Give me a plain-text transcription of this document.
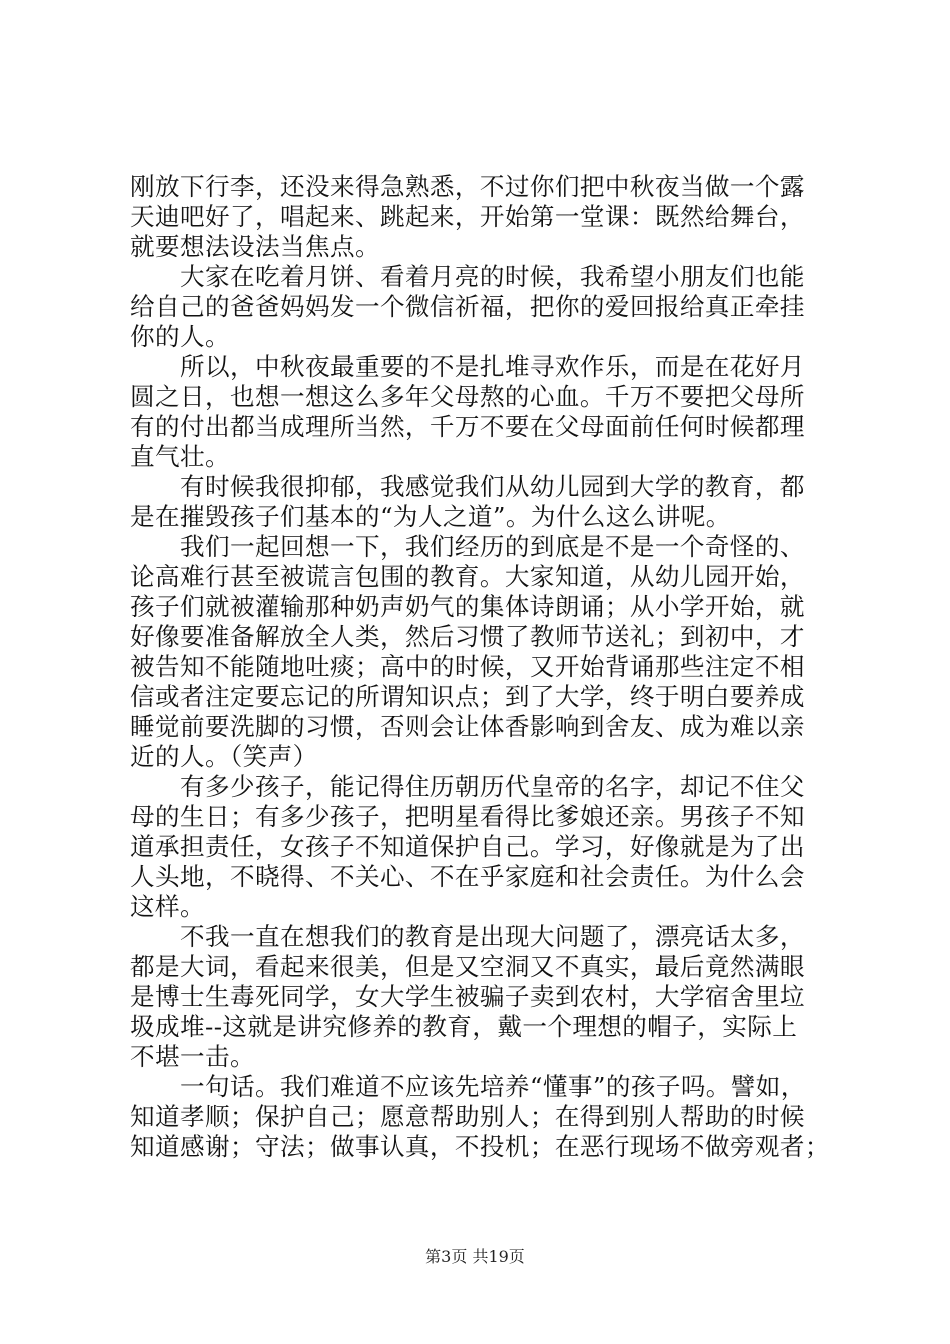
刚放下行李，还没来得急熟悉，不过你们把中秋夜当做一个露
天迪吧好了，唱起来、跳起来，开始第一堂课：既然给舞台，
就要想法设法当焦点。
　　大家在吃着月饼、看着月亮的时候，我希望小朋友们也能
给自己的爸爸妈妈发一个微信祈福，把你的爱回报给真正牵挂
你的人。
　　所以，中秋夜最重要的不是扎堆寻欢作乐，而是在花好月
圆之日，也想一想这么多年父母熬的心血。千万不要把父母所
有的付出都当成理所当然，千万不要在父母面前任何时候都理
直气壮。
　　有时候我很抑郁，我感觉我们从幼儿园到大学的教育，都
是在摧毁孩子们基本的“为人之道”。为什么这么讲呢。
　　我们一起回想一下，我们经历的到底是不是一个奇怪的、
论高难行甚至被谎言包围的教育。大家知道，从幼儿园开始，
孩子们就被灌输那种奶声奶气的集体诗朗诵；从小学开始，就
好像要准备解放全人类，然后习惯了教师节送礼；到初中，才
被告知不能随地吐痰；高中的时候，又开始背诵那些注定不相
信或者注定要忘记的所谓知识点；到了大学，终于明白要养成
睡觉前要洗脚的习惯，否则会让体香影响到舍友、成为难以亲
近的人。（笑声）
　　有多少孩子，能记得住历朝历代皇帝的名字，却记不住父
母的生日；有多少孩子，把明星看得比爹娘还亲。男孩子不知
道承担责任，女孩子不知道保护自己。学习，好像就是为了出
人头地，不晓得、不关心、不在乎家庭和社会责任。为什么会
这样。
　　不我一直在想我们的教育是出现大问题了，漂亮话太多，
都是大词，看起来很美，但是又空洞又不真实，最后竟然满眼
是博士生毒死同学，女大学生被骗子卖到农村，大学宿舍里垃
圾成堆--这就是讲究修养的教育，戴一个理想的帽子，实际上
不堪一击。
　　一句话。我们难道不应该先培养“懂事”的孩子吗。譬如，
知道孝顺；保护自己；愿意帮助别人；在得到别人帮助的时候
知道感谢；守法；做事认真，不投机；在恶行现场不做旁观者；
第3页 共19页
